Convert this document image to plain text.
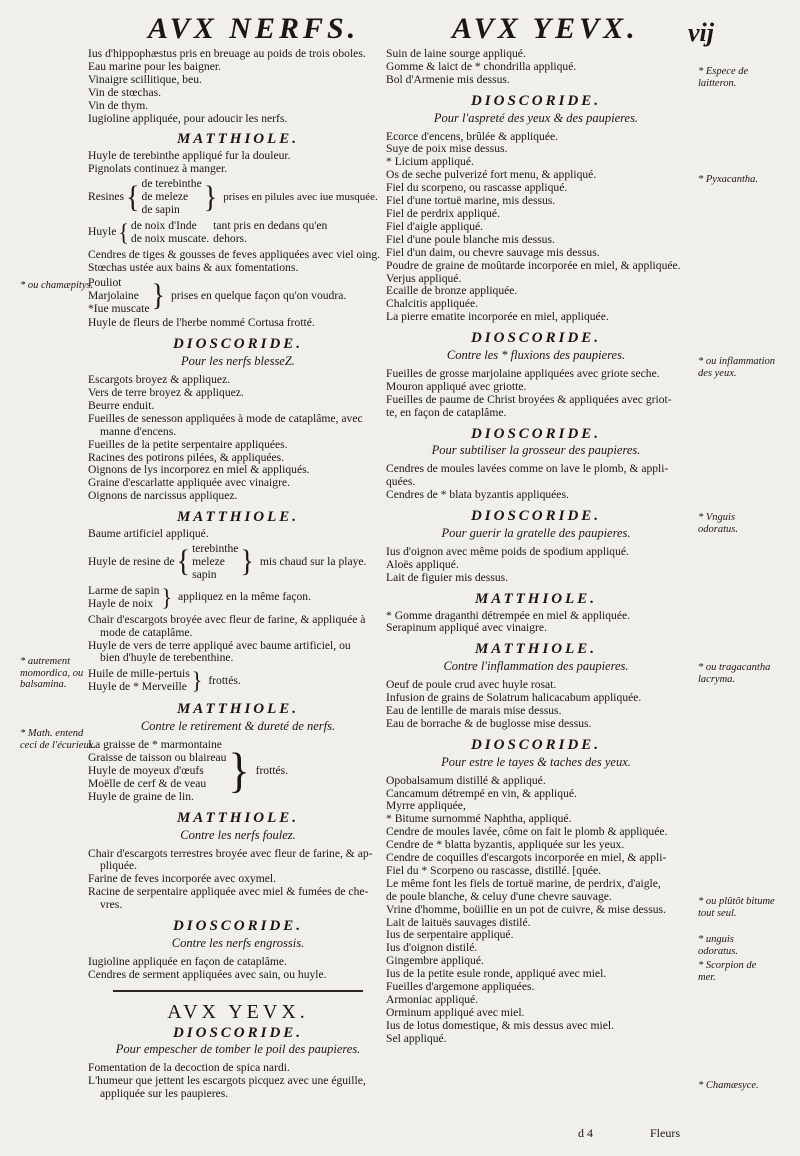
AVX NERFS.	AVX YEVX. vij
Ius d'hippophæstus pris en breuage au poids de trois oboles.
Eau marine pour les baigner.
Vinaigre scillitique, beu.
Vin de stœchas.
Vin de thym.
Iugioline appliquée, pour adoucir les nerfs.
MATTHIOLE.
Huyle de terebinthe appliqué fur la douleur.
Pignolats continuez à manger.
Resines { de terebinthe
de meleze
de sapin } prises en pilules avec iue musquée.
Huyle { de noix d'Inde
de noix muscate.
tant pris en dedans qu'en dehors.
Cendres de tiges & gousses de feves appliquées avec viel oing.
Stœchas ustée aux bains & aux fomentations.
Pouliot
Marjolaine
*Iue muscate } prises en quelque façon qu'on voudra.
Huyle de fleurs de l'herbe nommé Cortusa frotté.
DIOSCORIDE.
Pour les nerfs blesseZ.
Escargots broyez & appliquez.
Vers de terre broyez & appliquez.
Beurre enduit.
Fueilles de senesson appliquées à mode de cataplâme, avec
manne d'encens.
Fueilles de la petite serpentaire appliquées.
Racines des potirons pilées, & appliquées.
Oignons de lys incorporez en miel & appliqués.
Graine d'escarlatte appliquée avec vinaigre.
Oignons de narcissus appliquez.
MATTHIOLE.
Baume artificiel appliqué.
Huyle de resine de { terebinthe
meleze
sapin } mis chaud sur la playe.
Larme de sapin
Hayle de noix } appliquez en la même façon.
Chair d'escargots broyée avec fleur de farine, & appliquée à
mode de cataplâme.
Huyle de vers de terre appliqué avec baume artificiel, ou
bien d'huyle de terebenthine.
Huile de mille-pertuis
Huyle de * Merveille } frottés.
MATTHIOLE.
Contre le retirement & dureté de nerfs.
La graisse de * marmontaine
Graisse de taisson ou blaireau
Huyle de moyeux d'œufs
Moëlle de cerf & de veau
Huyle de graine de lin. } frottés.
MATTHIOLE.
Contre les nerfs foulez.
Chair d'escargots terrestres broyée avec fleur de farine, & ap-
pliquée.
Farine de feves incorporée avec oxymel.
Racine de serpentaire appliquée avec miel & fumées de che-
vres.
DIOSCORIDE.
Contre les nerfs engrossis.
Iugioline appliquée en façon de cataplâme.
Cendres de serment appliquées avec sain, ou huyle.
AVX YEVX.
DIOSCORIDE.
Pour empescher de tomber le poil des paupieres.
Fomentation de la decoction de spica nardi.
L'humeur que jettent les escargots picquez avec une éguille,
appliquée sur les paupieres.
Suin de laine sourge appliqué.
Gomme & laict de * chondrilla appliqué.
Bol d'Armenie mis dessus.
DIOSCORIDE.
Pour l'aspreté des yeux & des paupieres.
Ecorce d'encens, brûlée & appliquée.
Suye de poix mise dessus.
* Licium appliqué.
Os de seche pulverizé fort menu, & appliqué.
Fiel du scorpeno, ou rascasse appliqué.
Fiel d'une tortuë marine, mis dessus.
Fiel de perdrix appliqué.
Fiel d'aigle appliqué.
Fiel d'une poule blanche mis dessus.
Fiel d'un daim, ou chevre sauvage mis dessus.
Poudre de graine de moûtarde incorporée en miel, & appliquée.
Verjus appliqué.
Ecaille de bronze appliquée.
Chalcitis appliquée.
La pierre ematite incorporée en miel, appliquée.
DIOSCORIDE.
Contre les * fluxions des paupieres.
Fueilles de grosse marjolaine appliquées avec griote seche.
Mouron appliqué avec griotte.
Fueilles de paume de Christ broyées & appliquées avec griot-
te, en façon de cataplâme.
DIOSCORIDE.
Pour subtiliser la grosseur des paupieres.
Cendres de moules lavées comme on lave le plomb, & appli-
quées.
Cendres de * blata byzantis appliquées.
DIOSCORIDE.
Pour guerir la gratelle des paupieres.
Ius d'oignon avec même poids de spodium appliqué.
Aloës appliqué.
Lait de figuier mis dessus.
MATTHIOLE.
* Gomme draganthi détrempée en miel & appliquée.
Serapinum appliqué avec vinaigre.
MATTHIOLE.
Contre l'inflammation des paupieres.
Oeuf de poule crud avec huyle rosat.
Infusion de grains de Solatrum halicacabum appliquée.
Eau de lentille de marais mise dessus.
Eau de borrache & de buglosse mise dessus.
DIOSCORIDE.
Pour estre le tayes & taches des yeux.
Opobalsamum distillé & appliqué.
Cancamum détrempé en vin, & appliqué.
Myrre appliquée,
* Bitume surnommé Naphtha, appliqué.
Cendre de moules lavée, côme on fait le plomb & appliquée.
Cendre de * blatta byzantis, appliquée sur les yeux.
Cendre de coquilles d'escargots incorporée en miel, & appli-
Fiel du * Scorpeno ou rascasse, distillé. [quée.
Le même font les fiels de tortuë marine, de perdrix, d'aigle,
de poule blanche, & celuy d'une chevre sauvage.
Vrine d'homme, boüillie en un pot de cuivre, & mise dessus.
Lait de laituës sauvages distilé.
Ius de serpentaire appliqué.
Ius d'oignon distilé.
Gingembre appliqué.
Ius de la petite esule ronde, appliqué avec miel.
Fueilles d'argemone appliquées.
Armoniac appliqué.
Orminum appliqué avec miel.
Ius de lotus domestique, & mis dessus avec miel.
Sel appliqué.
* ou chamæpitys.
* autrement momordica, ou balsamina.
* Math. entend ceci de l'écurieux.
* Espece de laitteron.
* Pyxacantha.
* ou inflammation des yeux.
* Vnguis odoratus.
* ou tragacantha lacryma.
* ou plûtôt bitume tout seul.
* unguis odoratus.
* Scorpion de mer.
* Chamæsyce.
d 4	Fleurs
